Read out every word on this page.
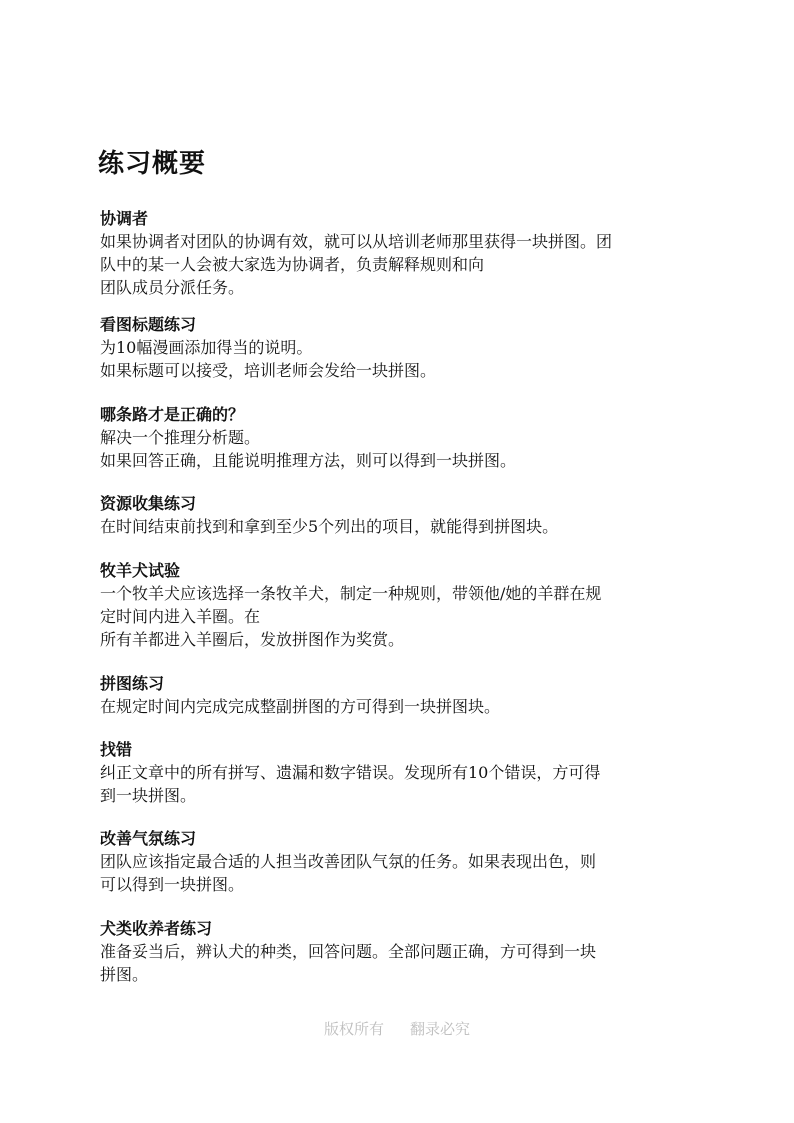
练习概要

协调者

如果协调者对团队的协调有效，就可以从培训老师那里获得一块拼图。团

队中的某一人会被大家选为协调者，负责解释规则和向

团队成员分派任务。

看图标题练习

为10幅漫画添加得当的说明。

如果标题可以接受，培训老师会发给一块拼图。

哪条路才是正确的？

解决一个推理分析题。

如果回答正确，且能说明推理方法，则可以得到一块拼图。

资源收集练习

在时间结束前找到和拿到至少5个列出的项目，就能得到拼图块。

牧羊犬试验

一个牧羊犬应该选择一条牧羊犬，制定一种规则，带领他/她的羊群在规

定时间内进入羊圈。在

所有羊都进入羊圈后，发放拼图作为奖赏。

拼图练习

在规定时间内完成完成整副拼图的方可得到一块拼图块。

找错

纠正文章中的所有拼写、遗漏和数字错误。发现所有10个错误，方可得

到一块拼图。

改善气氛练习

团队应该指定最合适的人担当改善团队气氛的任务。如果表现出色，则

可以得到一块拼图。

犬类收养者练习

准备妥当后，辨认犬的种类，回答问题。全部问题正确，方可得到一块

拼图。

版权所有 翻录必究
